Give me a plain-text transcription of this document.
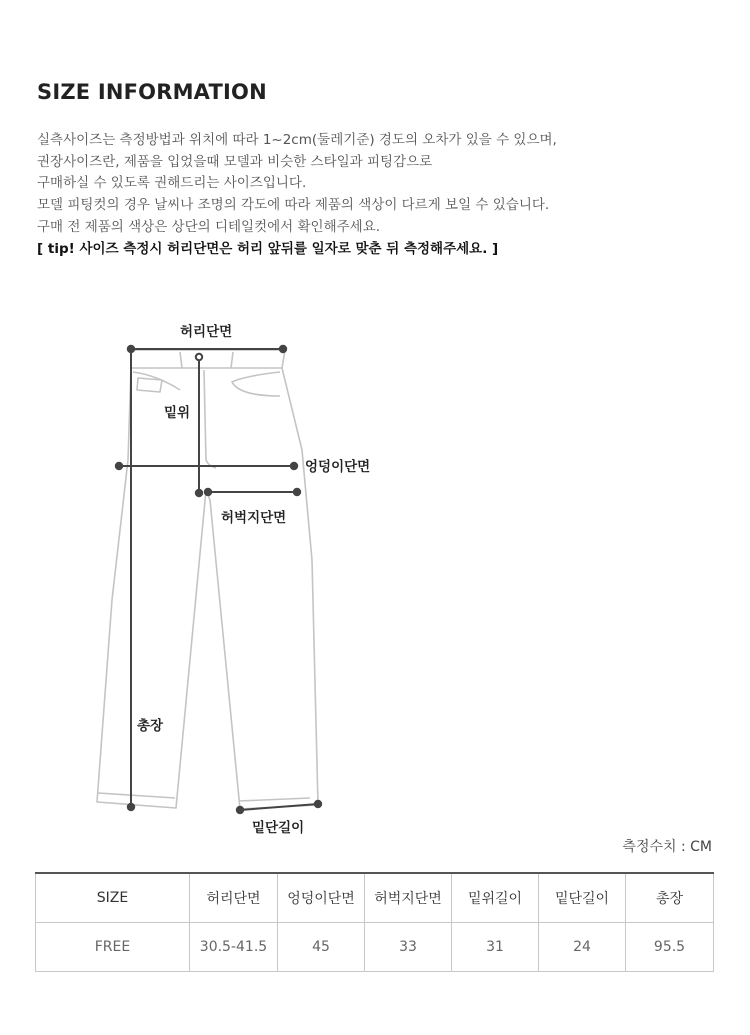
SIZE INFORMATION

실측사이즈는 측정방법과 위치에 따라 1~2cm(둘레기준) 경도의 오차가 있을 수 있으며,

권장사이즈란, 제품을 입었을때 모델과 비슷한 스타일과 피팅감으로

구매하실 수 있도록 권해드리는 사이즈입니다.

모델 피팅컷의 경우 날씨나 조명의 각도에 따라 제품의 색상이 다르게 보일 수 있습니다.

구매 전 제품의 색상은 상단의 디테일컷에서 확인해주세요.

[ tip! 사이즈 측정시 허리단면은 허리 앞뒤를 일자로 맞춘 뒤 측정해주세요. ]

허리단면
밑위
엉덩이단면
허벅지단면
총장
밑단길이
측정수치 : CM
SIZE	허리단면	엉덩이단면	허벅지단면	밑위길이	밑단길이	총장
FREE	30.5-41.5	45	33	31	24	95.5
